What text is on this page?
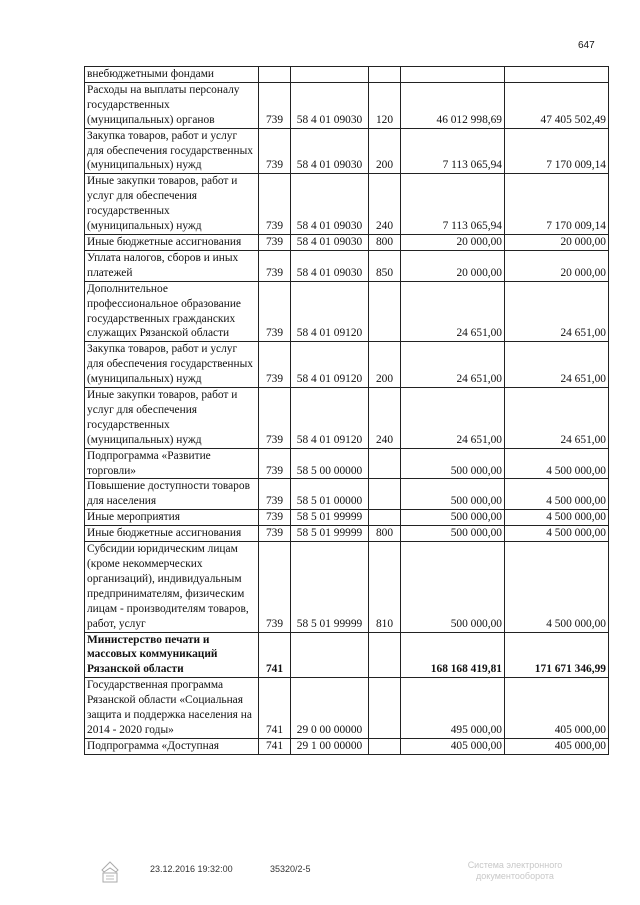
647
внебюджетными фондами					
Расходы на выплаты персоналу государственных (муниципальных) органов	739	58 4 01 09030	120	46 012 998,69	47 405 502,49
Закупка товаров, работ и услуг для обеспечения государственных (муниципальных) нужд	739	58 4 01 09030	200	7 113 065,94	7 170 009,14
Иные закупки товаров, работ и услуг для обеспечения государственных (муниципальных) нужд	739	58 4 01 09030	240	7 113 065,94	7 170 009,14
Иные бюджетные ассигнования	739	58 4 01 09030	800	20 000,00	20 000,00
Уплата налогов, сборов и иных платежей	739	58 4 01 09030	850	20 000,00	20 000,00
Дополнительное профессиональное образование государственных гражданских служащих Рязанской области	739	58 4 01 09120		24 651,00	24 651,00
Закупка товаров, работ и услуг для обеспечения государственных (муниципальных) нужд	739	58 4 01 09120	200	24 651,00	24 651,00
Иные закупки товаров, работ и услуг для обеспечения государственных (муниципальных) нужд	739	58 4 01 09120	240	24 651,00	24 651,00
Подпрограмма «Развитие торговли»	739	58 5 00 00000		500 000,00	4 500 000,00
Повышение доступности товаров для населения	739	58 5 01 00000		500 000,00	4 500 000,00
Иные мероприятия	739	58 5 01 99999		500 000,00	4 500 000,00
Иные бюджетные ассигнования	739	58 5 01 99999	800	500 000,00	4 500 000,00
Субсидии юридическим лицам (кроме некоммерческих организаций), индивидуальным предпринимателям, физическим лицам - производителям товаров, работ, услуг	739	58 5 01 99999	810	500 000,00	4 500 000,00
Министерство печати и массовых коммуникаций Рязанской области	741			168 168 419,81	171 671 346,99
Государственная программа Рязанской области «Социальная защита и поддержка населения на 2014 - 2020 годы»	741	29 0 00 00000		495 000,00	405 000,00
Подпрограмма «Доступная	741	29 1 00 00000		405 000,00	405 000,00
23.12.2016 19:32:00	35320/2-5	Система электронного документооборота
